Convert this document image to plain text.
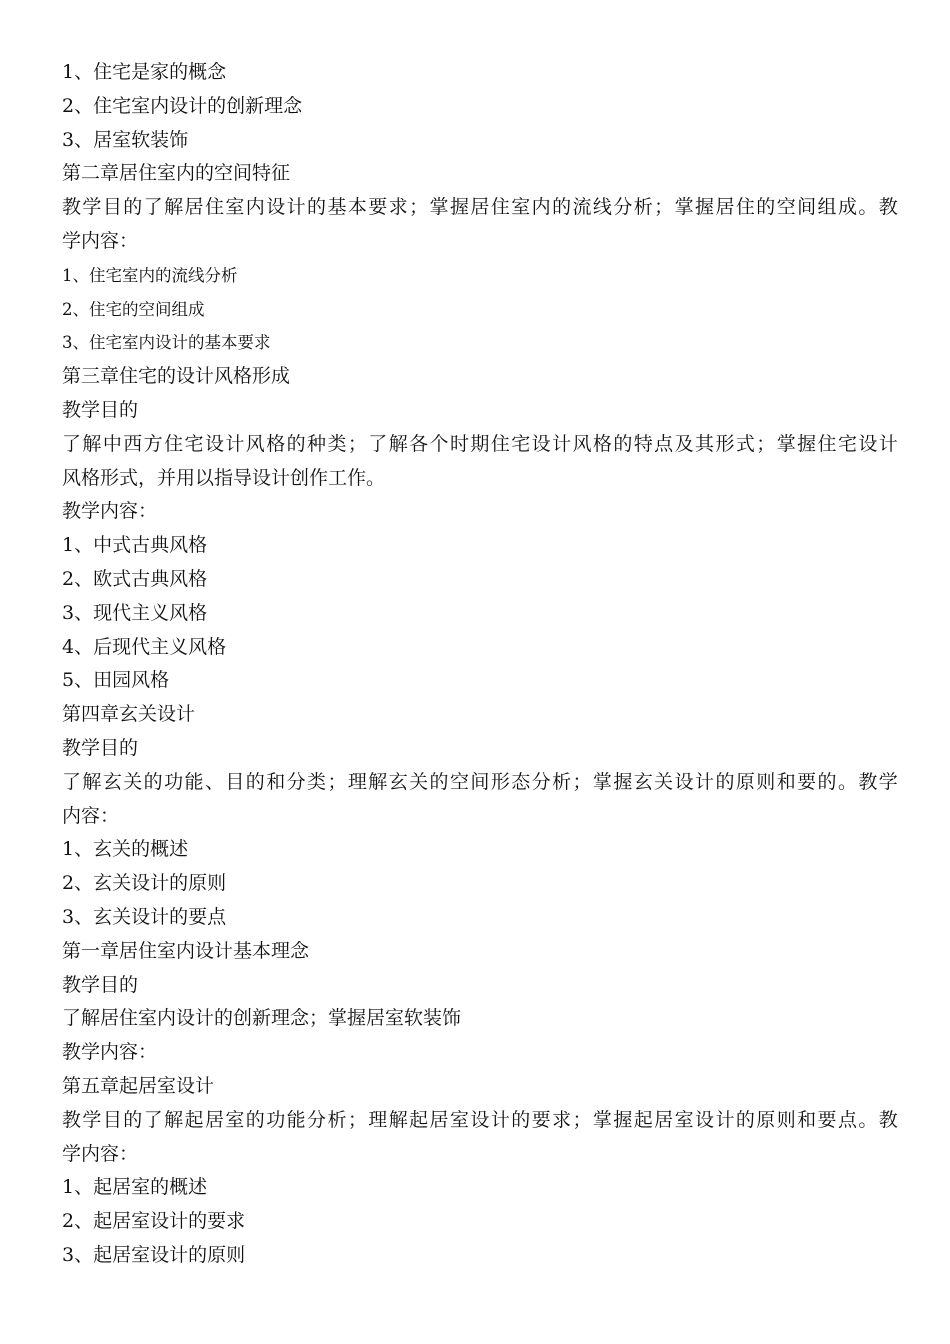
1、住宅是家的概念
2、住宅室内设计的创新理念
3、居室软装饰
第二章居住室内的空间特征
教学目的了解居住室内设计的基本要求；掌握居住室内的流线分析；掌握居住的空间组成。教
学内容：
1、住宅室内的流线分析
2、住宅的空间组成
3、住宅室内设计的基本要求
第三章住宅的设计风格形成
教学目的
了解中西方住宅设计风格的种类；了解各个时期住宅设计风格的特点及其形式；掌握住宅设计
风格形式，并用以指导设计创作工作。
教学内容：
1、中式古典风格
2、欧式古典风格
3、现代主义风格
4、后现代主义风格
5、田园风格
第四章玄关设计
教学目的
了解玄关的功能、目的和分类；理解玄关的空间形态分析；掌握玄关设计的原则和要的。教学
内容：
1、玄关的概述
2、玄关设计的原则
3、玄关设计的要点
第一章居住室内设计基本理念
教学目的
了解居住室内设计的创新理念；掌握居室软装饰
教学内容：
第五章起居室设计
教学目的了解起居室的功能分析；理解起居室设计的要求；掌握起居室设计的原则和要点。教
学内容：
1、起居室的概述
2、起居室设计的要求
3、起居室设计的原则
